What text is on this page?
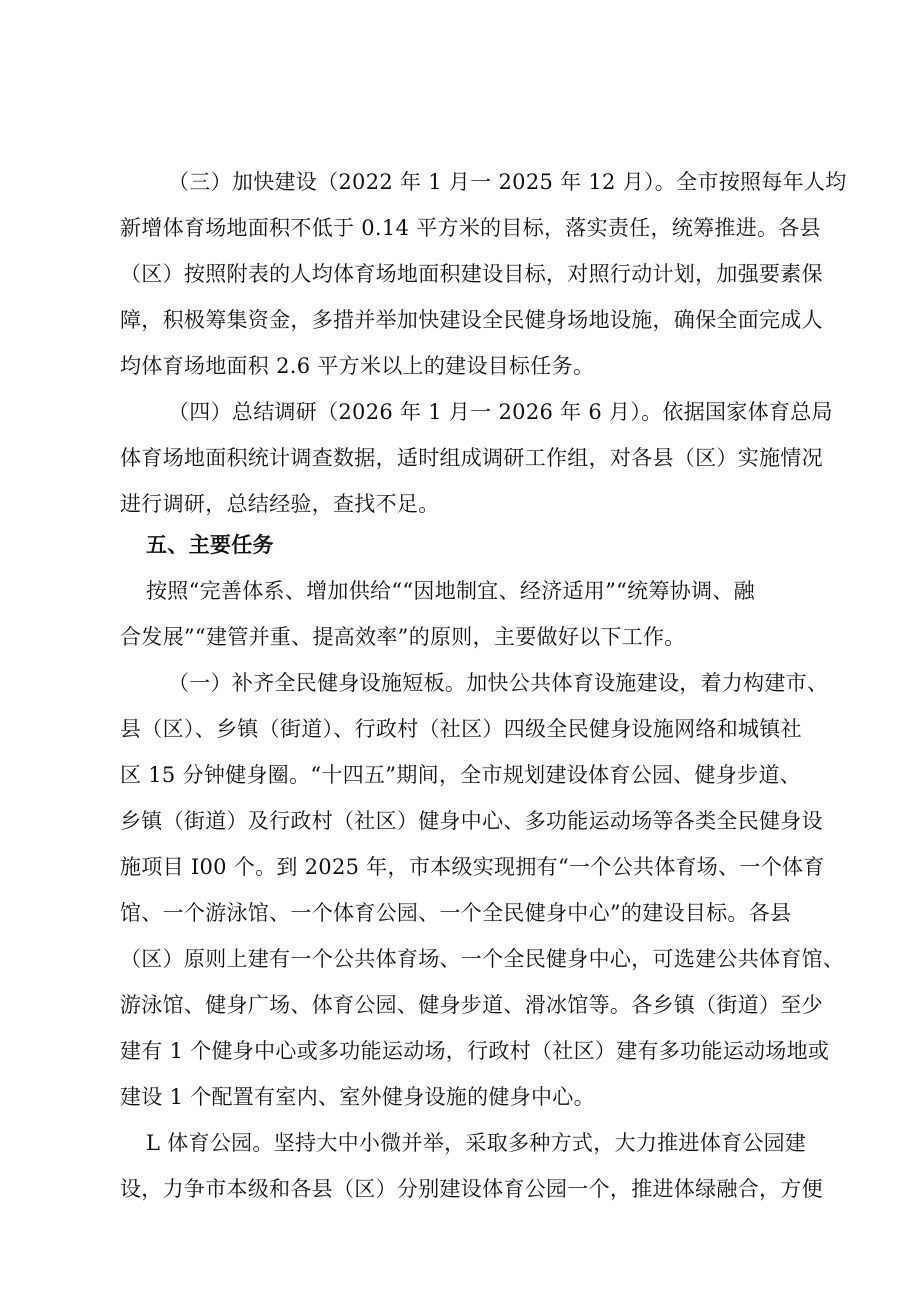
（三）加快建设（2022 年 1 月一 2025 年 12 月）。全市按照每年人均
新增体育场地面积不低于 0.14 平方米的目标，落实责任，统筹推进。各县
（区）按照附表的人均体育场地面积建设目标，对照行动计划，加强要素保
障，积极筹集资金，多措并举加快建设全民健身场地设施，确保全面完成人
均体育场地面积 2.6 平方米以上的建设目标任务。
（四）总结调研（2026 年 1 月一 2026 年 6 月）。依据国家体育总局
体育场地面积统计调查数据，适时组成调研工作组，对各县（区）实施情况
进行调研，总结经验，查找不足。
五、主要任务
按照“完善体系、增加供给““因地制宜、经济适用”“统筹协调、融
合发展”“建管并重、提高效率”的原则，主要做好以下工作。
（一）补齐全民健身设施短板。加快公共体育设施建设，着力构建市、
县（区）、乡镇（街道）、行政村（社区）四级全民健身设施网络和城镇社
区 15 分钟健身圈。“十四五”期间，全市规划建设体育公园、健身步道、
乡镇（街道）及行政村（社区）健身中心、多功能运动场等各类全民健身设
施项目 I00 个。到 2025 年，市本级实现拥有“一个公共体育场、一个体育
馆、一个游泳馆、一个体育公园、一个全民健身中心”的建设目标。各县
（区）原则上建有一个公共体育场、一个全民健身中心，可选建公共体育馆、
游泳馆、健身广场、体育公园、健身步道、滑冰馆等。各乡镇（街道）至少
建有 1 个健身中心或多功能运动场，行政村（社区）建有多功能运动场地或
建设 1 个配置有室内、室外健身设施的健身中心。
L 体育公园。坚持大中小微并举，采取多种方式，大力推进体育公园建
设，力争市本级和各县（区）分别建设体育公园一个，推进体绿融合，方便
